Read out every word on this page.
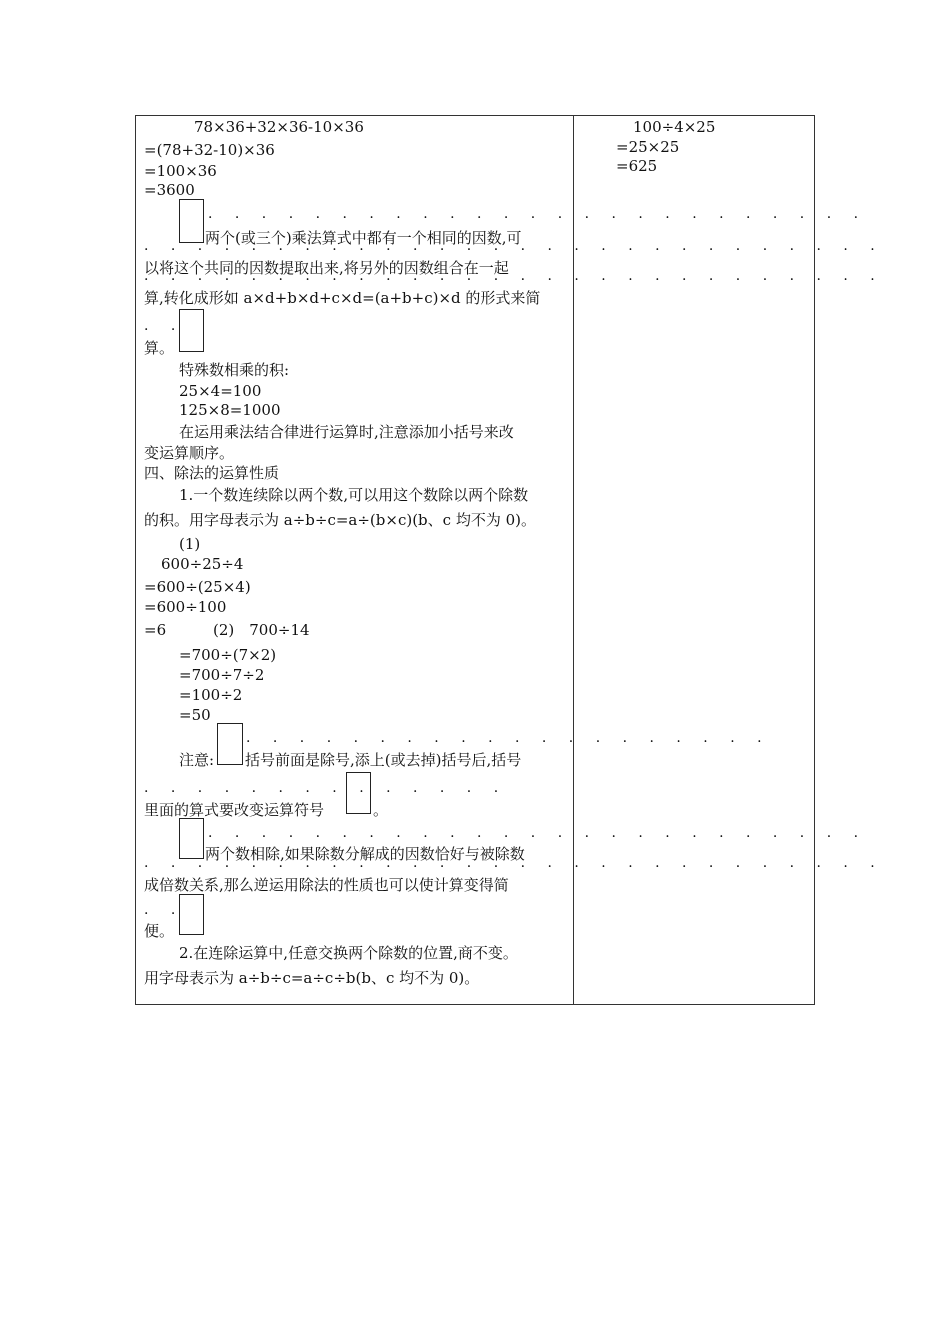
78×36+32×36-10×36
=(78+32-10)×36
=100×36
=3600
· · · · · · · · · · · · · · · · · · · · · · · · ·
两个(或三个)乘法算式中都有一个相同的因数,可
· · · · · · · · · · · · · · · · · · · · · · · · · · · ·
以将这个共同的因数提取出来,将另外的因数组合在一起
· · · · · · · · · · · · · · · · · · · · · · · · · · · ·
算,转化成形如 a×d+b×d+c×d=(a+b+c)×d 的形式来简
· ·
算。
特殊数相乘的积:
25×4=100
125×8=1000
在运用乘法结合律进行运算时,注意添加小括号来改
变运算顺序。
四、除法的运算性质
1.一个数连续除以两个数,可以用这个数除以两个除数
的积。用字母表示为 a÷b÷c=a÷(b×c)(b、c 均不为 0)。
(1)
600÷25÷4
=600÷(25×4)
=600÷100
=6	(2)　700÷14
=700÷(7×2)
=700÷7÷2
=100÷2
=50
注意:
· · · · · · · · · · · · · · · · · · · ·
括号前面是除号,添上(或去掉)括号后,括号
· · · · · · · · · · · · · ·
里面的算式要改变运算符号	。
· · · · · · · · · · · · · · · · · · · · · · · · ·
两个数相除,如果除数分解成的因数恰好与被除数
· · · · · · · · · · · · · · · · · · · · · · · · · · · ·
成倍数关系,那么逆运用除法的性质也可以使计算变得简
· ·
便。
2.在连除运算中,任意交换两个除数的位置,商不变。
用字母表示为 a÷b÷c=a÷c÷b(b、c 均不为 0)。
100÷4×25
=25×25
=625
